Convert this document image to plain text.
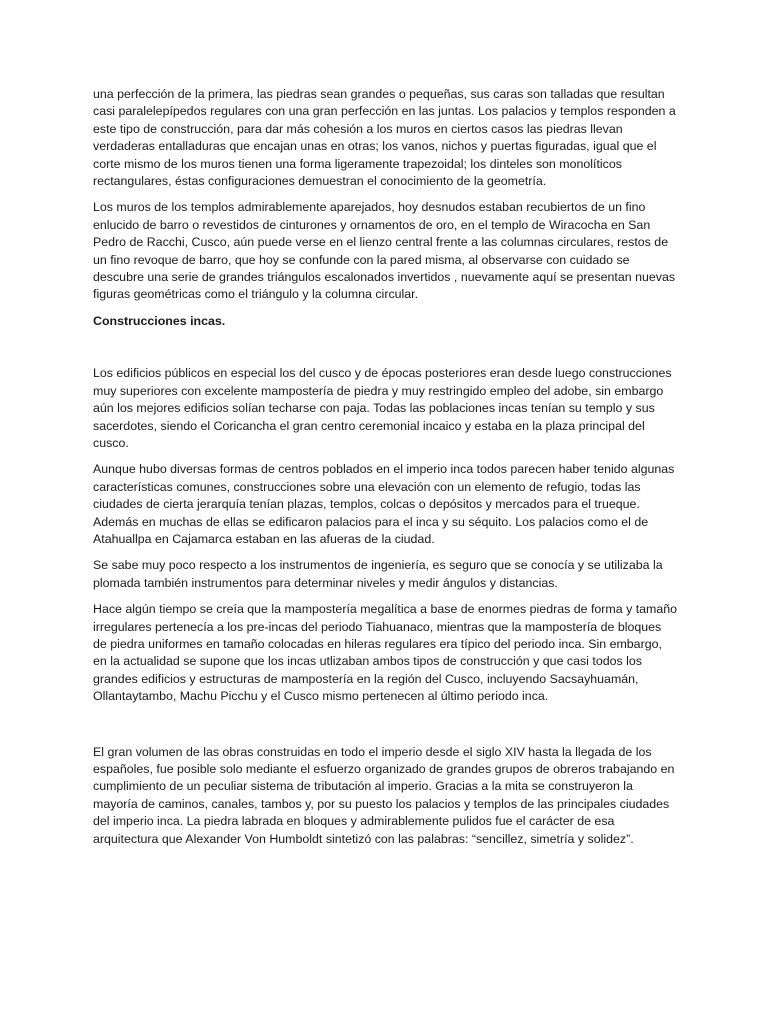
una perfección de la primera, las piedras sean grandes o pequeñas, sus caras son talladas que resultan casi paralelepípedos regulares con una gran perfección en las juntas. Los palacios y templos responden a este tipo de construcción, para dar más cohesión a los muros en ciertos casos las piedras llevan verdaderas entalladuras que encajan unas en otras; los vanos, nichos y puertas figuradas, igual que el corte mismo de los muros tienen una forma ligeramente trapezoidal; los dinteles son monolíticos rectangulares, éstas configuraciones demuestran el conocimiento de la geometría.

Los muros de los templos admirablemente aparejados, hoy desnudos estaban recubiertos de un fino enlucido de barro o revestidos de cinturones y ornamentos de oro, en el templo de Wiracocha en San Pedro de Racchi, Cusco, aún puede verse en el lienzo central frente a las columnas circulares, restos de un fino revoque de barro, que hoy se confunde con la pared misma, al observarse con cuidado se descubre una serie de grandes triángulos escalonados invertidos , nuevamente aquí se presentan nuevas figuras geométricas como el triángulo y la columna circular.

Construcciones incas.

Los edificios públicos en especial los del cusco y de épocas posteriores eran desde luego construcciones muy superiores con excelente mampostería de piedra y muy restringido empleo del adobe, sin embargo aún los mejores edificios solían techarse con paja. Todas las poblaciones incas tenían su templo y sus sacerdotes, siendo el Coricancha el gran centro ceremonial incaico y estaba en la plaza principal del cusco.

Aunque hubo diversas formas de centros poblados en el imperio inca todos parecen haber tenido algunas características comunes, construcciones sobre una elevación con un elemento de refugio, todas las ciudades de cierta jerarquía tenían plazas, templos, colcas o depósitos y mercados para el trueque. Además en muchas de ellas se edificaron palacios para el inca y su séquito. Los palacios como el de Atahuallpa en Cajamarca estaban en las afueras de la ciudad.

Se sabe muy poco respecto a los instrumentos de ingeniería, es seguro que se conocía y se utilizaba la plomada también instrumentos para determinar niveles y medir ángulos y distancias.

Hace algún tiempo se creía que la mampostería megalítica a base de enormes piedras de forma y tamaño irregulares pertenecía a los pre-incas del periodo Tiahuanaco, mientras que la mampostería de bloques de piedra uniformes en tamaño colocadas en hileras regulares era típico del periodo inca. Sin embargo, en la actualidad se supone que los incas utlizaban ambos tipos de construcción y que casi todos los grandes edificios y estructuras de mampostería en la región del Cusco, incluyendo Sacsayhuamán, Ollantaytambo, Machu Picchu y el Cusco mismo pertenecen al último periodo inca.

El gran volumen de las obras construidas en todo el imperio desde el siglo XIV hasta la llegada de los españoles, fue posible solo mediante el esfuerzo organizado de grandes grupos de obreros trabajando en cumplimiento de un peculiar sistema de tributación al imperio. Gracias a la mita se construyeron la mayoría de caminos, canales, tambos y, por su puesto los palacios y templos de las principales ciudades del imperio inca. La piedra labrada en bloques y admirablemente pulidos fue el carácter de esa arquitectura que Alexander Von Humboldt sintetizó con las palabras: “sencillez, simetría y solidez”.
